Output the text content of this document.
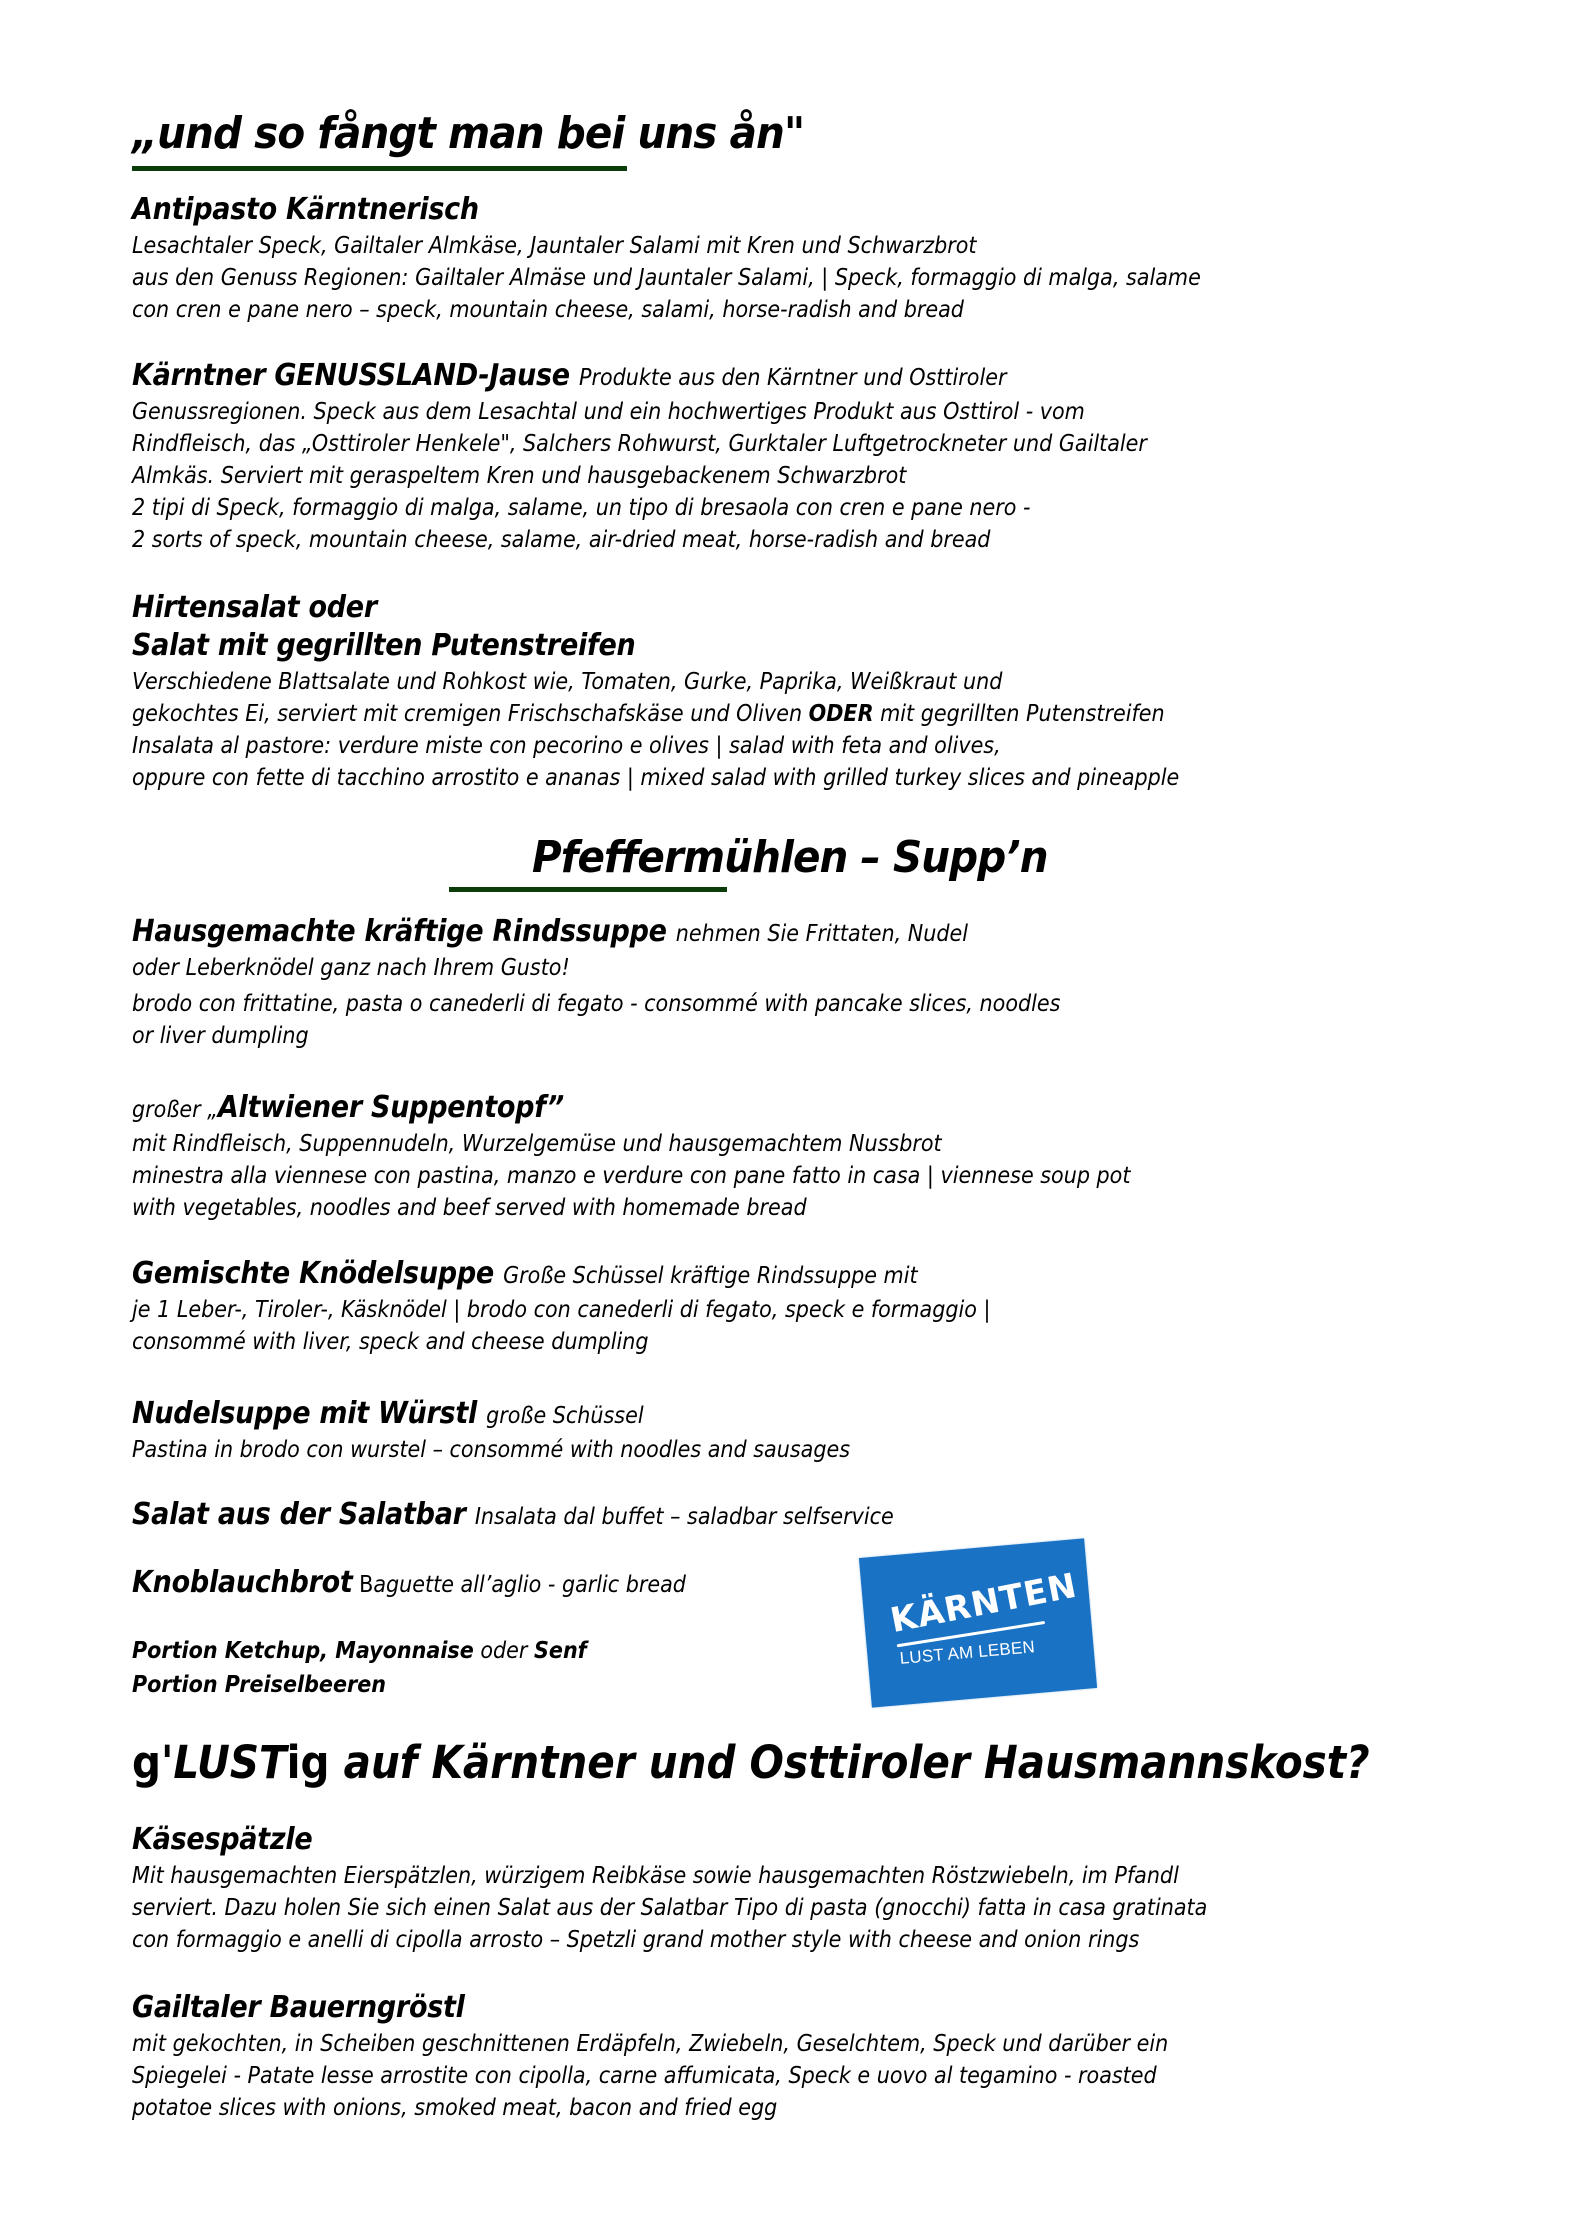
„und so fångt man bei uns ån"
Antipasto Kärntnerisch
Lesachtaler Speck, Gailtaler Almkäse, Jauntaler Salami mit Kren und Schwarzbrot
aus den Genuss Regionen: Gailtaler Almäse und Jauntaler Salami, | Speck, formaggio di malga, salame
con cren e pane nero – speck, mountain cheese, salami, horse-radish and bread
Kärntner GENUSSLAND-Jause Produkte aus den Kärntner und Osttiroler
Genussregionen. Speck aus dem Lesachtal und ein hochwertiges Produkt aus Osttirol - vom
Rindfleisch, das „Osttiroler Henkele", Salchers Rohwurst, Gurktaler Luftgetrockneter und Gailtaler
Almkäs. Serviert mit geraspeltem Kren und hausgebackenem Schwarzbrot
2 tipi di Speck, formaggio di malga, salame, un tipo di bresaola con cren e pane nero -
2 sorts of speck, mountain cheese, salame, air-dried meat, horse-radish and bread
Hirtensalat oder
Salat mit gegrillten Putenstreifen
Verschiedene Blattsalate und Rohkost wie, Tomaten, Gurke, Paprika, Weißkraut und
gekochtes Ei, serviert mit cremigen Frischschafskäse und Oliven ODER mit gegrillten Putenstreifen
Insalata al pastore: verdure miste con pecorino e olives | salad with feta and olives,
oppure con fette di tacchino arrostito e ananas | mixed salad with grilled turkey slices and pineapple
Pfeffermühlen – Supp’n
Hausgemachte kräftige Rindssuppe nehmen Sie Frittaten, Nudel
oder Leberknödel ganz nach Ihrem Gusto!
brodo con frittatine, pasta o canederli di fegato - consommé with pancake slices, noodles
or liver dumpling
großer „Altwiener Suppentopf”
mit Rindfleisch, Suppennudeln, Wurzelgemüse und hausgemachtem Nussbrot
minestra alla viennese con pastina, manzo e verdure con pane fatto in casa | viennese soup pot
with vegetables, noodles and beef served with homemade bread
Gemischte Knödelsuppe Große Schüssel kräftige Rindssuppe mit
je 1 Leber-, Tiroler-, Käsknödel | brodo con canederli di fegato, speck e formaggio |
consommé with liver, speck and cheese dumpling
Nudelsuppe mit Würstl große Schüssel
Pastina in brodo con wurstel – consommé with noodles and sausages
Salat aus der Salatbar Insalata dal buffet – saladbar selfservice
Knoblauchbrot Baguette all’aglio - garlic bread
Portion Ketchup, Mayonnaise oder Senf
Portion Preiselbeeren
KÄRNTEN
LUST AM LEBEN
g'LUSTig auf Kärntner und Osttiroler Hausmannskost?
Käsespätzle
Mit hausgemachten Eierspätzlen, würzigem Reibkäse sowie hausgemachten Röstzwiebeln, im Pfandl
serviert. Dazu holen Sie sich einen Salat aus der Salatbar Tipo di pasta (gnocchi) fatta in casa gratinata
con formaggio e anelli di cipolla arrosto – Spetzli grand mother style with cheese and onion rings
Gailtaler Bauerngröstl
mit gekochten, in Scheiben geschnittenen Erdäpfeln, Zwiebeln, Geselchtem, Speck und darüber ein
Spiegelei - Patate lesse arrostite con cipolla, carne affumicata, Speck e uovo al tegamino - roasted
potatoe slices with onions, smoked meat, bacon and fried egg
